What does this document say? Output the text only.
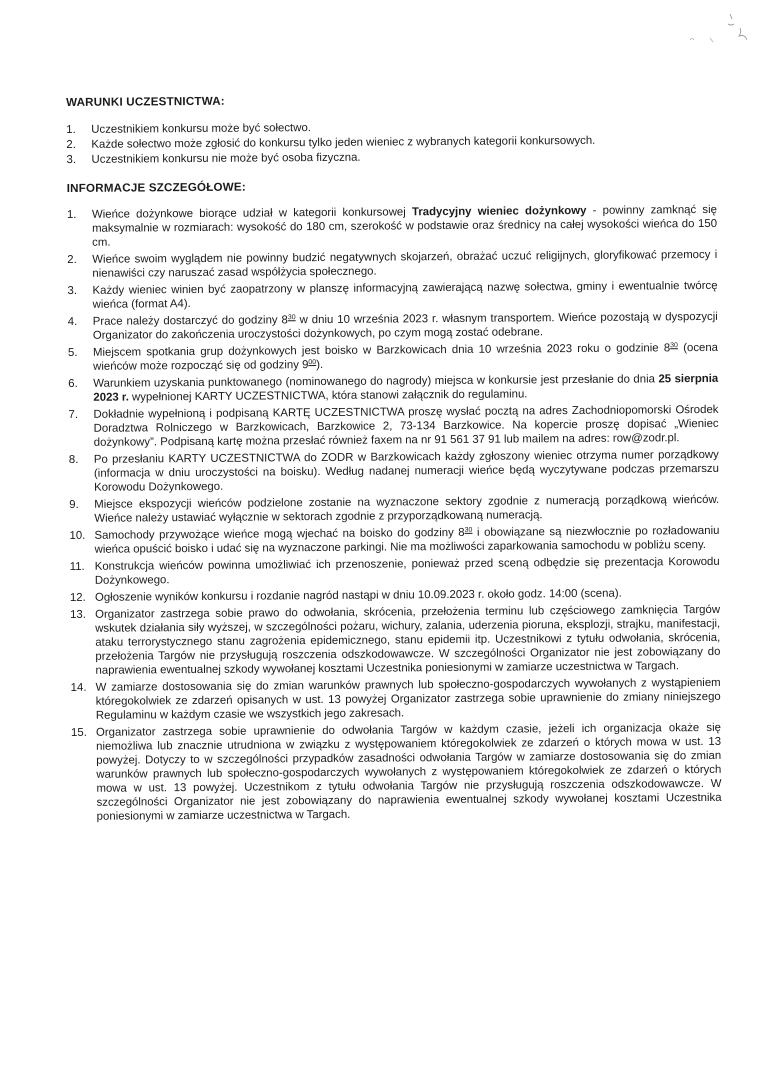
WARUNKI UCZESTNICTWA:
1. Uczestnikiem konkursu może być sołectwo.
2. Każde sołectwo może zgłosić do konkursu tylko jeden wieniec z wybranych kategorii konkursowych.
3. Uczestnikiem konkursu nie może być osoba fizyczna.
INFORMACJE SZCZEGÓŁOWE:
1. Wieńce dożynkowe biorące udział w kategorii konkursowej Tradycyjny wieniec dożynkowy - powinny zamknąć się maksymalnie w rozmiarach: wysokość do 180 cm, szerokość w podstawie oraz średnicy na całej wysokości wieńca do 150 cm.
2. Wieńce swoim wyglądem nie powinny budzić negatywnych skojarzeń, obrażać uczuć religijnych, gloryfikować przemocy i nienawiści czy naruszać zasad współżycia społecznego.
3. Każdy wieniec winien być zaopatrzony w planszę informacyjną zawierającą nazwę sołectwa, gminy i ewentualnie twórcę wieńca (format A4).
4. Prace należy dostarczyć do godziny $8^{30}$ w dniu 10 września 2023 r. własnym transportem. Wieńce pozostają w dyspozycji Organizator do zakończenia uroczystości dożynkowych, po czym mogą zostać odebrane.
5. Miejscem spotkania grup dożynkowych jest boisko w Barzkowicach dnia 10 września 2023 roku o godzinie $8^{30}$ (ocena wieńców może rozpocząć się od godziny $9^{00}$).
6. Warunkiem uzyskania punktowanego (nominowanego do nagrody) miejsca w konkursie jest przesłanie do dnia 25 sierpnia 2023 r. wypełnionej KARTY UCZESTNICTWA, która stanowi załącznik do regulaminu.
7. Dokładnie wypełnioną i podpisaną KARTĘ UCZESTNICTWA proszę wysłać pocztą na adres Zachodniopomorski Ośrodek Doradztwa Rolniczego w Barzkowicach, Barzkowice 2, 73-134 Barzkowice. Na kopercie proszę dopisać „Wieniec dożynkowy”. Podpisaną kartę można przesłać również faxem na nr 91 561 37 91 lub mailem na adres: row@zodr.pl.
8. Po przesłaniu KARTY UCZESTNICTWA do ZODR w Barzkowicach każdy zgłoszony wieniec otrzyma numer porządkowy (informacja w dniu uroczystości na boisku). Według nadanej numeracji wieńce będą wyczytywane podczas przemarszu Korowodu Dożynkowego.
9. Miejsce ekspozycji wieńców podzielone zostanie na wyznaczone sektory zgodnie z numeracją porządkową wieńców. Wieńce należy ustawiać wyłącznie w sektorach zgodnie z przyporządkowaną numeracją.
10. Samochody przywożące wieńce mogą wjechać na boisko do godziny $8^{30}$ i obowiązane są niezwłocznie po rozładowaniu wieńca opuścić boisko i udać się na wyznaczone parkingi. Nie ma możliwości zaparkowania samochodu w pobliżu sceny.
11. Konstrukcja wieńców powinna umożliwiać ich przenoszenie, ponieważ przed sceną odbędzie się prezentacja Korowodu Dożynkowego.
12. Ogłoszenie wyników konkursu i rozdanie nagród nastąpi w dniu 10.09.2023 r. około godz. 14:00 (scena).
13. Organizator zastrzega sobie prawo do odwołania, skrócenia, przełożenia terminu lub częściowego zamknięcia Targów wskutek działania siły wyższej, w szczególności pożaru, wichury, zalania, uderzenia pioruna, eksplozji, strajku, manifestacji, ataku terrorystycznego stanu zagrożenia epidemicznego, stanu epidemii itp. Uczestnikowi z tytułu odwołania, skrócenia, przełożenia Targów nie przysługują roszczenia odszkodowawcze. W szczególności Organizator nie jest zobowiązany do naprawienia ewentualnej szkody wywołanej kosztami Uczestnika poniesionymi w zamiarze uczestnictwa w Targach.
14. W zamiarze dostosowania się do zmian warunków prawnych lub społeczno-gospodarczych wywołanych z wystąpieniem któregokolwiek ze zdarzeń opisanych w ust. 13 powyżej Organizator zastrzega sobie uprawnienie do zmiany niniejszego Regulaminu w każdym czasie we wszystkich jego zakresach.
15. Organizator zastrzega sobie uprawnienie do odwołania Targów w każdym czasie, jeżeli ich organizacja okaże się niemożliwa lub znacznie utrudniona w związku z występowaniem któregokolwiek ze zdarzeń o których mowa w ust. 13 powyżej. Dotyczy to w szczególności przypadków zasadności odwołania Targów w zamiarze dostosowania się do zmian warunków prawnych lub społeczno-gospodarczych wywołanych z występowaniem któregokolwiek ze zdarzeń o których mowa w ust. 13 powyżej. Uczestnikom z tytułu odwołania Targów nie przysługują roszczenia odszkodowawcze. W szczególności Organizator nie jest zobowiązany do naprawienia ewentualnej szkody wywołanej kosztami Uczestnika poniesionymi w zamiarze uczestnictwa w Targach.
